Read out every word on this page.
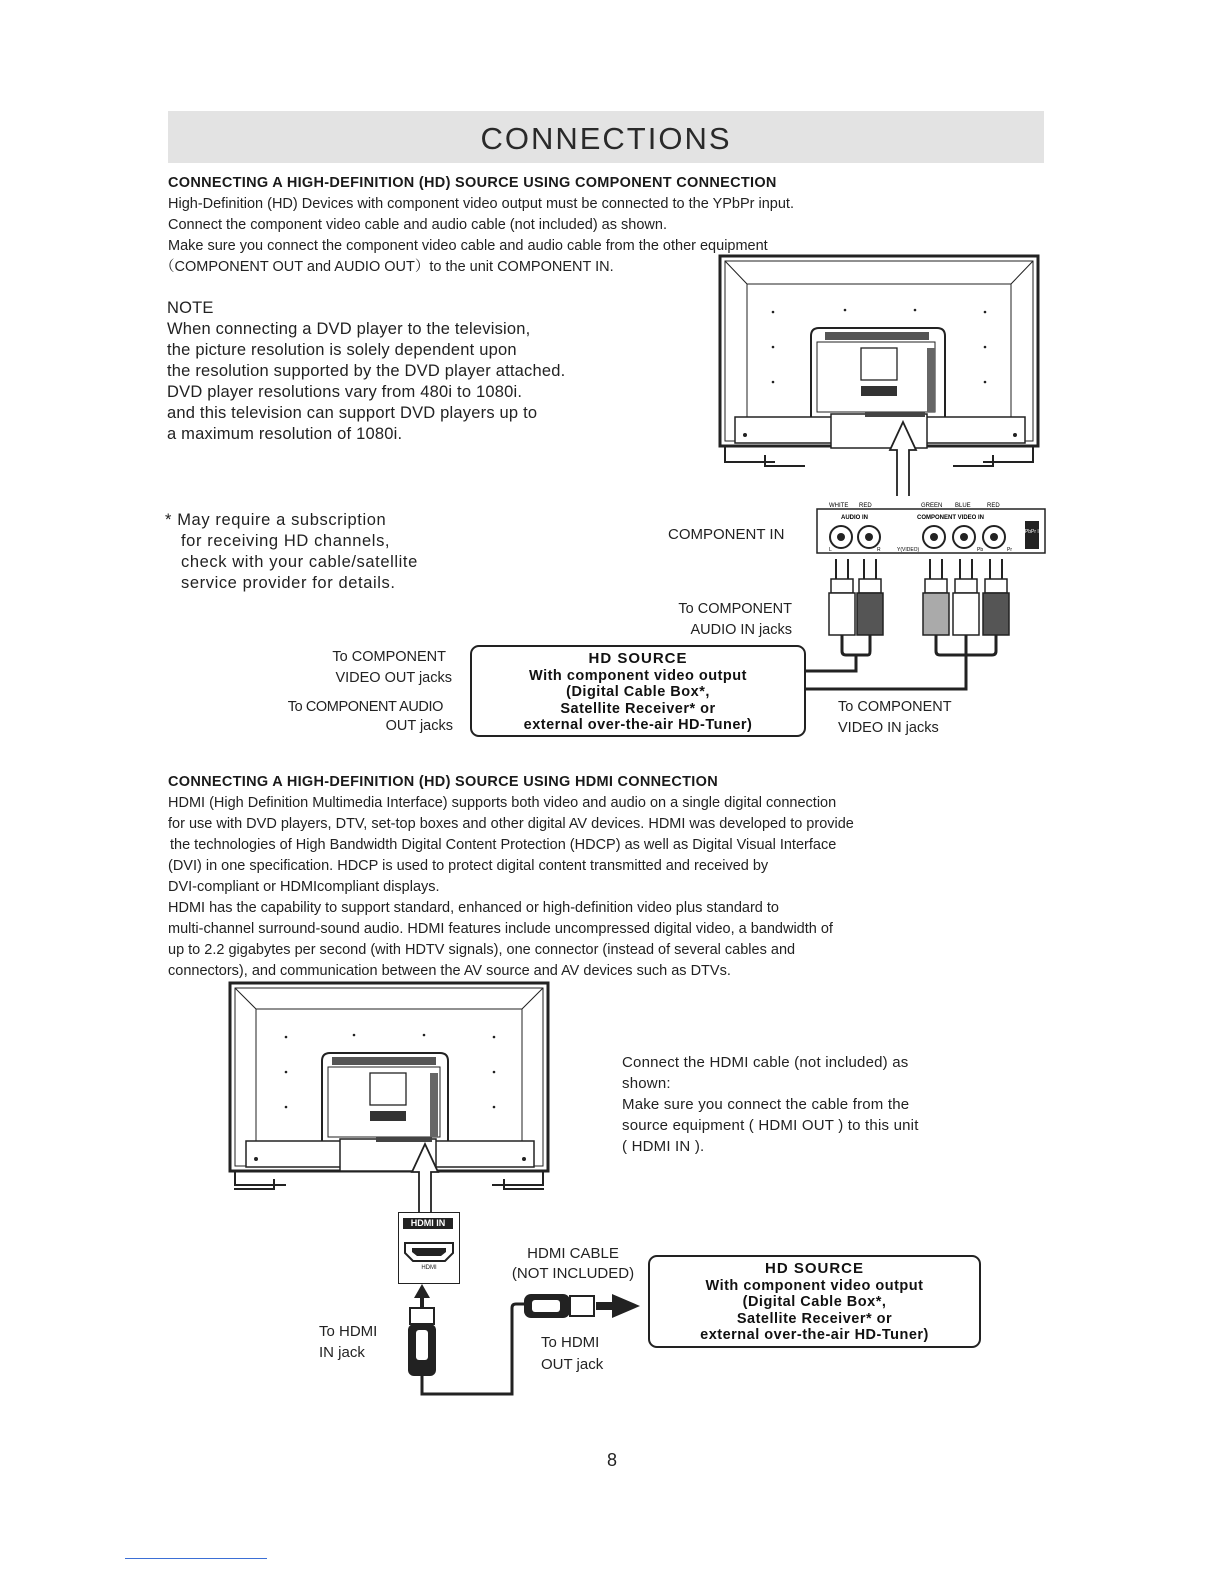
CONNECTIONS
CONNECTING A HIGH-DEFINITION (HD) SOURCE USING COMPONENT CONNECTION
High-Definition (HD) Devices with component video output must be connected to the YPbPr input.
Connect the component video cable and audio cable (not included) as shown.
Make sure you connect the component video cable and audio cable from the other equipment
（COMPONENT OUT and AUDIO OUT）to the unit COMPONENT IN.
NOTE
When connecting a DVD player to the television,
the picture resolution is solely dependent upon
the resolution supported by the DVD player attached.
DVD player resolutions vary from 480i to 1080i.
and this television can support DVD players up to
a maximum resolution of 1080i.
* May require a subscription
for receiving HD channels,
check with your cable/satellite
service provider for details.
WHITE RED	GREEN BLUE	RED
AUDIO IN	COMPONENT VIDEO IN
L	R	Y(VIDEO)	Pb	Pr
YPbPr IN
COMPONENT IN
To COMPONENT
AUDIO IN jacks
To COMPONENT
VIDEO OUT jacks
To COMPONENT AUDIO
OUT jacks
To COMPONENT
VIDEO IN jacks
HD SOURCE
With component video output
(Digital Cable Box*,
Satellite Receiver* or
external over-the-air HD-Tuner)
CONNECTING A HIGH-DEFINITION (HD) SOURCE USING HDMI CONNECTION
HDMI (High Definition Multimedia Interface) supports both video and audio on a single digital connection
for use with DVD players, DTV, set-top boxes and other digital AV devices. HDMI was developed to provide
the technologies of High Bandwidth Digital Content Protection (HDCP) as well as Digital Visual Interface
(DVI) in one specification. HDCP is used to protect digital content transmitted and received by
DVI-compliant or HDMIcompliant displays.
HDMI has the capability to support standard, enhanced or high-definition video plus standard to
multi-channel surround-sound audio. HDMI features include uncompressed digital video, a bandwidth of
up to 2.2 gigabytes per second (with HDTV signals), one connector (instead of several cables and
connectors), and communication between the AV source and AV devices such as DTVs.
HDMI IN
HDMI
Connect the HDMI cable (not included) as
shown:
Make sure you connect the cable from the
source equipment ( HDMI OUT ) to this unit
( HDMI IN ).
HDMI CABLE
(NOT INCLUDED)
To HDMI
IN jack
To HDMI
OUT jack
HD SOURCE
With component video output
(Digital Cable Box*,
Satellite Receiver* or
external over-the-air HD-Tuner)
8
